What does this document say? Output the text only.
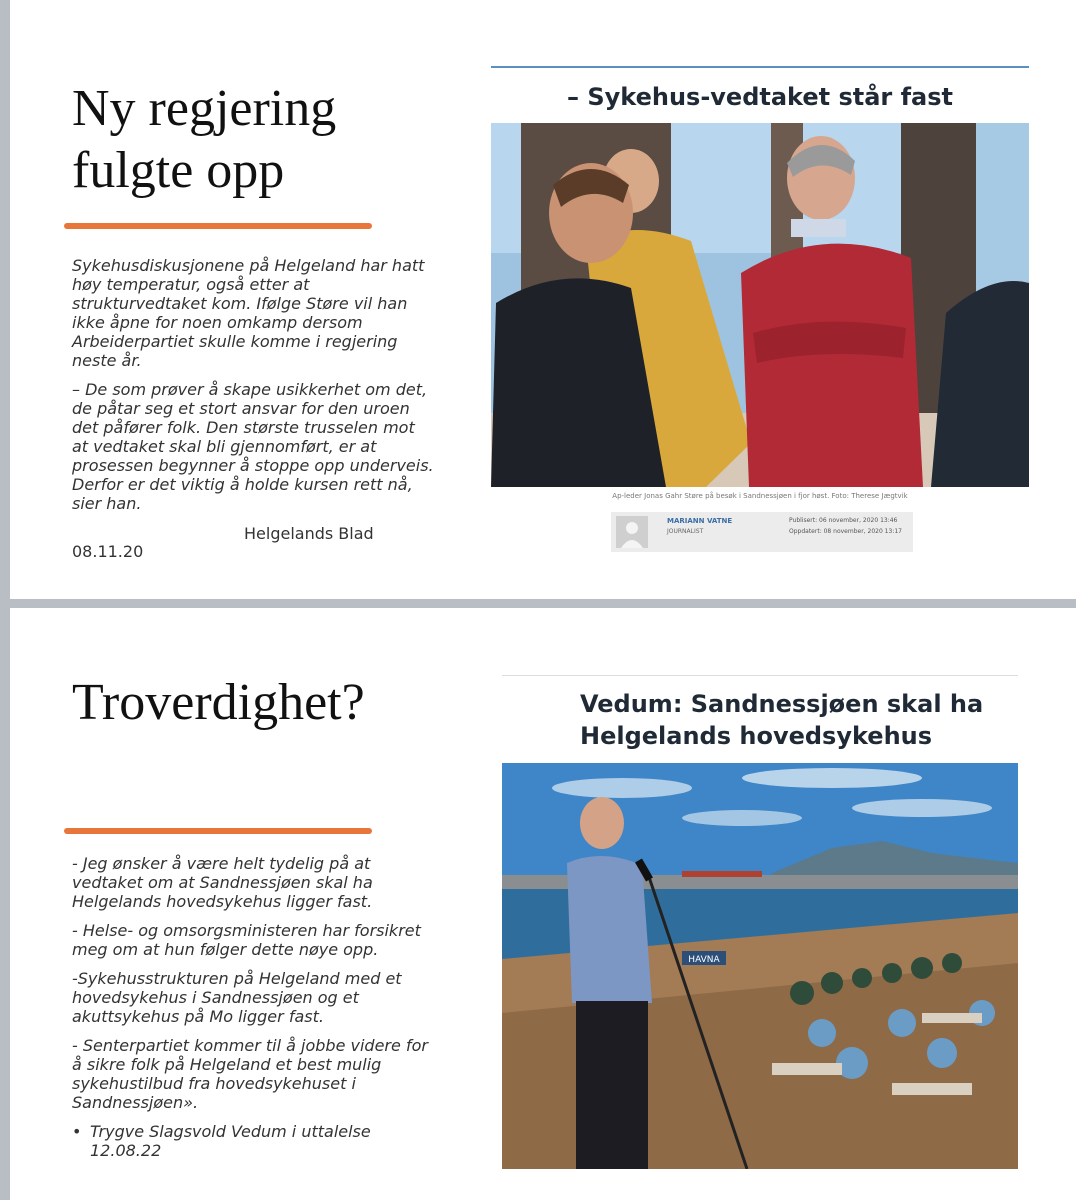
Ny regjering
fulgte opp

Sykehusdiskusjonene på Helgeland har hatt høy temperatur, også etter at strukturvedtaket kom. Ifølge Støre vil han ikke åpne for noen omkamp dersom Arbeiderpartiet skulle komme i regjering neste år.

– De som prøver å skape usikkerhet om det, de påtar seg et stort ansvar for den uroen det påfører folk. Den største trusselen mot at vedtaket skal bli gjennomført, er at prosessen begynner å stoppe opp underveis. Derfor er det viktig å holde kursen rett nå, sier han.

Helgelands Blad
08.11.20
– Sykehus-vedtaket står fast
Ap-leder Jonas Gahr Støre på besøk i Sandnessjøen i fjor høst. Foto: Therese Jægtvik
MARIANN VATNE
JOURNALIST
Publisert: 06 november, 2020 13:46
Oppdatert: 08 november, 2020 13:17
Troverdighet?

- Jeg ønsker å være helt tydelig på at vedtaket om at Sandnessjøen skal ha Helgelands hovedsykehus ligger fast.

- Helse- og omsorgsministeren har forsikret meg om at hun følger dette nøye opp.

-Sykehusstrukturen på Helgeland med et hovedsykehus i Sandnessjøen og et akuttsykehus på Mo ligger fast.

- Senterpartiet kommer til å jobbe videre for å sikre folk på Helgeland et best mulig sykehustilbud fra hovedsykehuset i Sandnessjøen».

• Trygve Slagsvold Vedum i uttalelse
12.08.22
Vedum: Sandnessjøen skal ha
Helgelands hovedsykehus
HAVNA
